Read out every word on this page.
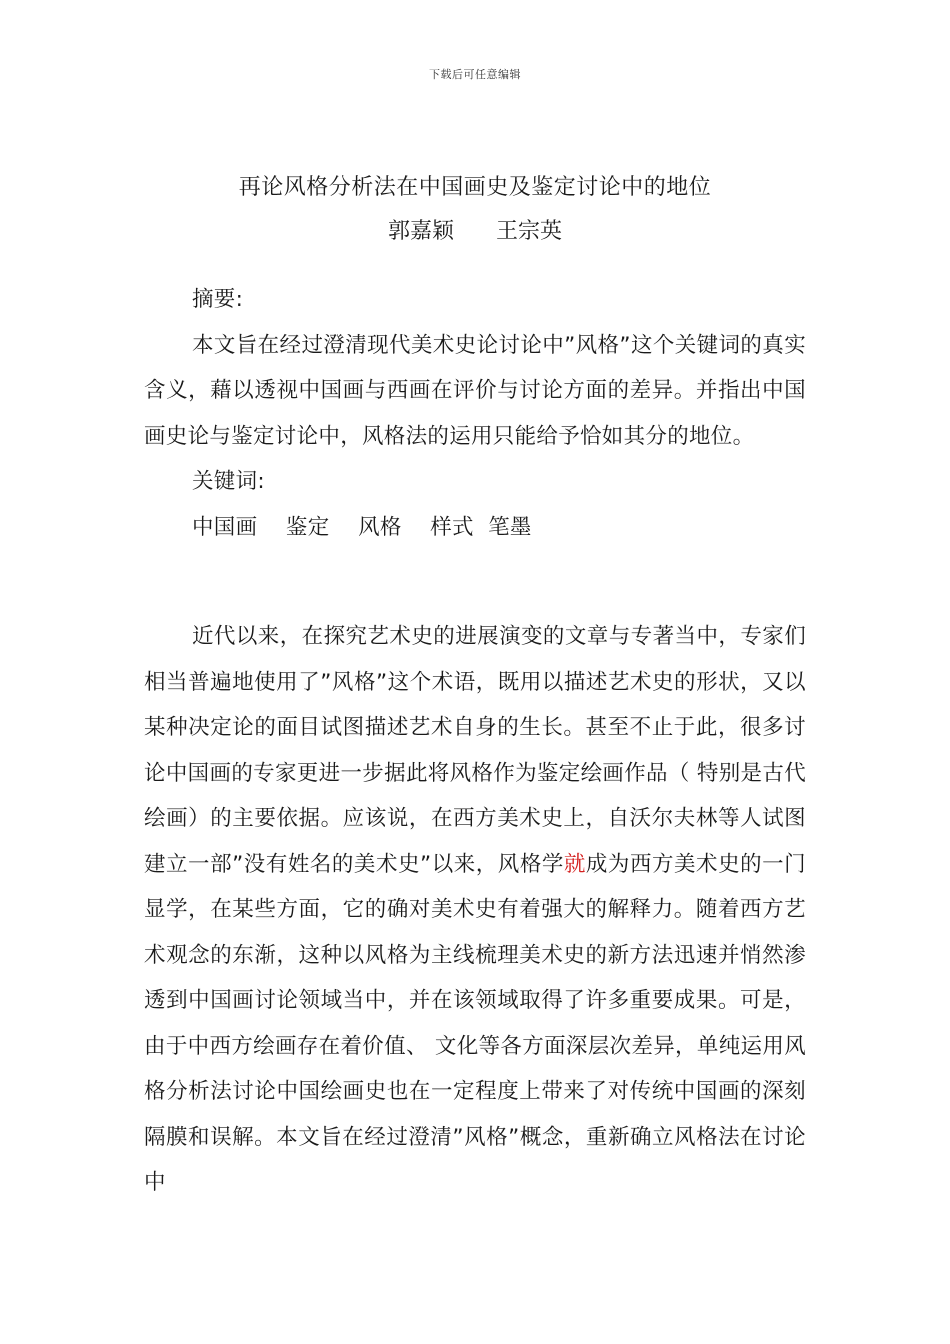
下载后可任意编辑
再论风格分析法在中国画史及鉴定讨论中的地位
郭嘉颖      王宗英
摘要:

本文旨在经过澄清现代美术史论讨论中”风格”这个关键词的真实含义，藉以透视中国画与西画在评价与讨论方面的差异。并指出中国画史论与鉴定讨论中，风格法的运用只能给予恰如其分的地位。

关键词:
中国画    鉴定    风格    样式  笔墨

近代以来，在探究艺术史的进展演变的文章与专著当中，专家们相当普遍地使用了”风格”这个术语，既用以描述艺术史的形状，又以某种决定论的面目试图描述艺术自身的生长。甚至不止于此，很多讨论中国画的专家更进一步据此将风格作为鉴定绘画作品（ 特别是古代绘画）的主要依据。应该说，在西方美术史上，自沃尔夫林等人试图建立一部”没有姓名的美术史”以来，风格学就成为西方美术史的一门显学，在某些方面，它的确对美术史有着强大的解释力。随着西方艺术观念的东渐，这种以风格为主线梳理美术史的新方法迅速并悄然渗透到中国画讨论领域当中，并在该领域取得了许多重要成果。可是，由于中西方绘画存在着价值、 文化等各方面深层次差异，单纯运用风格分析法讨论中国绘画史也在一定程度上带来了对传统中国画的深刻隔膜和误解。本文旨在经过澄清”风格”概念，重新确立风格法在讨论中
